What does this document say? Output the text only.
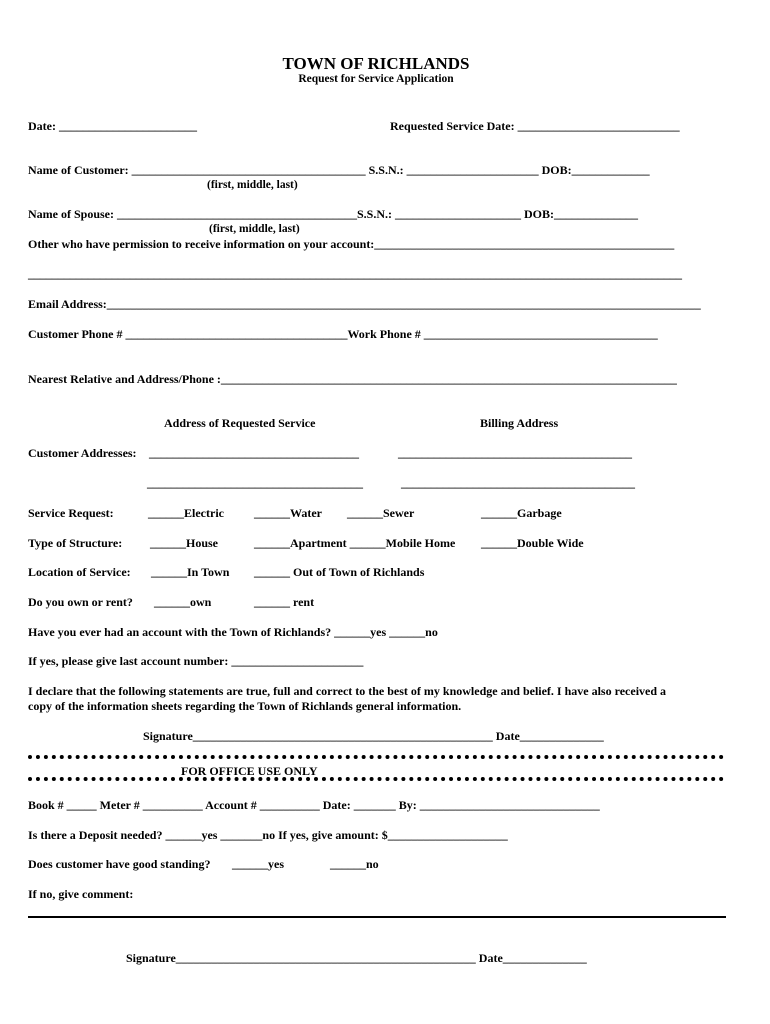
TOWN OF RICHLANDS
Request for Service Application
Date: _______________________	Requested Service Date: ___________________________
Name of Customer: _______________________________________ S.S.N.: ______________________ DOB:_____________
(first, middle, last)
Name of Spouse: ________________________________________S.S.N.: _____________________ DOB:______________
(first, middle, last)
Other who have permission to receive information on your account:__________________________________________________
_____________________________________________________________________________________________________________
Email Address:___________________________________________________________________________________________________
Customer Phone # _____________________________________Work Phone # _______________________________________
Nearest Relative and Address/Phone :____________________________________________________________________________
Address of Requested Service	Billing Address
Customer Addresses: ___________________________________	_______________________________________
____________________________________	_______________________________________
Service Request:	______Electric	______Water ______Sewer	______Garbage
Type of Structure: ______House	______Apartment ______Mobile Home ______Double Wide
Location of Service: ______In Town ______ Out of Town of Richlands
Do you own or rent? ______own	______ rent
Have you ever had an account with the Town of Richlands? ______yes ______no
If yes, please give last account number: ______________________
I declare that the following statements are true, full and correct to the best of my knowledge and belief. I have also received a
copy of the information sheets regarding the Town of Richlands general information.
Signature__________________________________________________ Date______________
FOR OFFICE USE ONLY
Book # _____ Meter # __________ Account # __________ Date: _______ By: ______________________________
Is there a Deposit needed? ______yes _______no If yes, give amount: $____________________
Does customer have good standing? ______yes	______no
If no, give comment:
Signature__________________________________________________ Date______________
